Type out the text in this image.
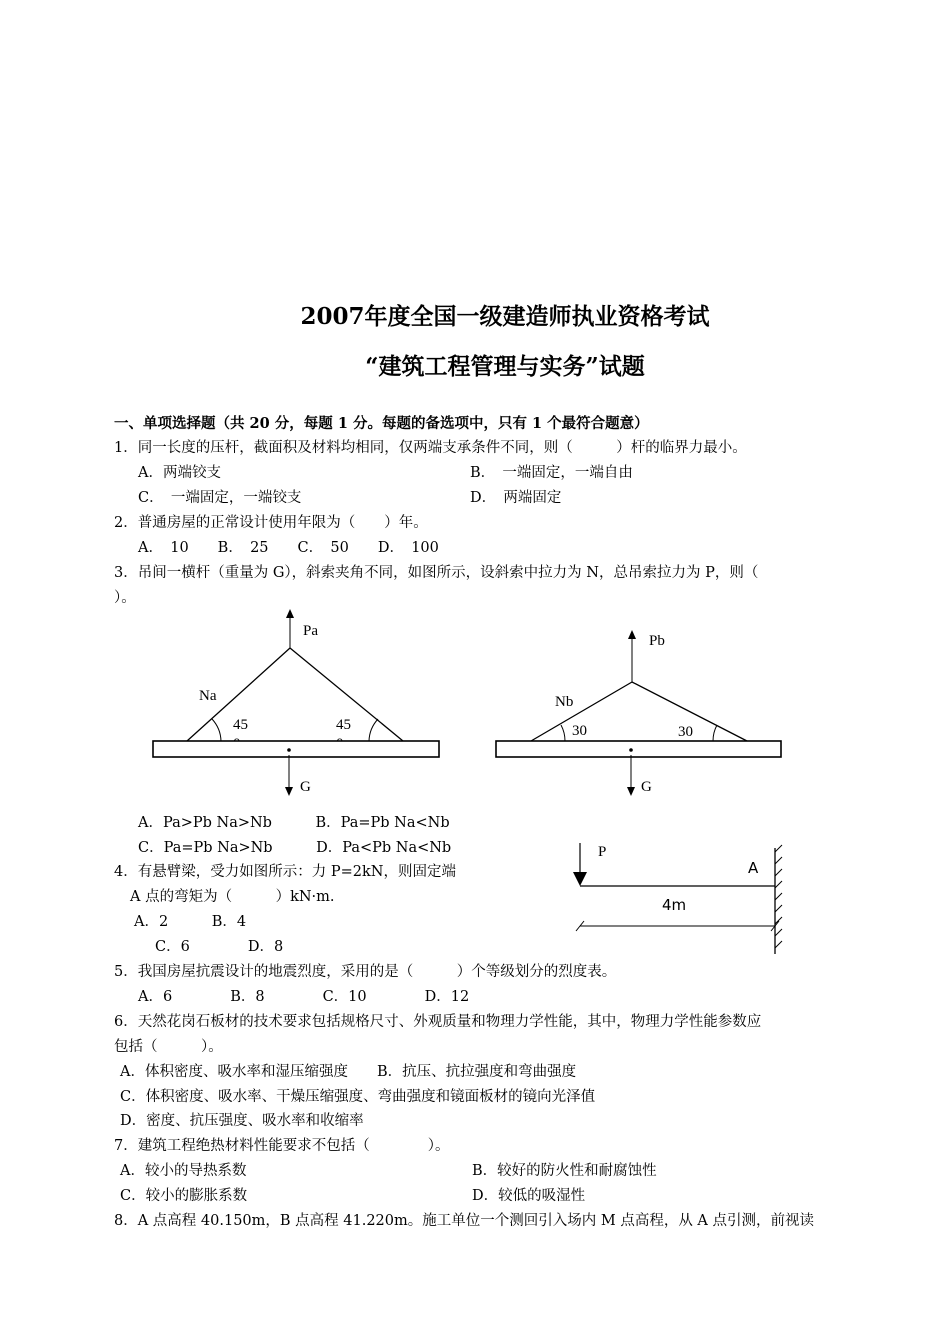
2007年度全国一级建造师执业资格考试
“建筑工程管理与实务”试题
一、单项选择题（共 20 分，每题 1 分。每题的备选项中，只有 1 个最符合题意）
1．同一长度的压杆，截面积及材料均相同，仅两端支承条件不同，则（　　　）杆的临界力最小。
A．两端铰支	B．　一端固定，一端自由
C．　一端固定，一端铰支	D．　两端固定
2．普通房屋的正常设计使用年限为（　　）年。
A．　10　　B．　25　　C．　50　　D．　100
3．吊间一横杆（重量为 G），斜索夹角不同，如图所示，设斜索中拉力为 N，总吊索拉力为 P，则（
）。
Pa
Na
45	45
G
Pb
Nb
30	30
G
A．Pa>Pb Na>Nb　　　B．Pa=Pb Na<Nb
C．Pa=Pb Na>Nb　　　D．Pa<Pb Na<Nb
4．有悬臂梁，受力如图所示：力 P=2kN，则固定端
A 点的弯矩为（　　　）kN·m.
A．2　　　B．4
C．6　　　　D．8
P
A
4m
5．我国房屋抗震设计的地震烈度，采用的是（　　　）个等级划分的烈度表。
A．6　　　　B．8　　　　C．10　　　　D．12
6．天然花岗石板材的技术要求包括规格尺寸、外观质量和物理力学性能，其中，物理力学性能参数应
包括（　　　）。
A．体积密度、吸水率和湿压缩强度　　B．抗压、抗拉强度和弯曲强度
C．体积密度、吸水率、干燥压缩强度、弯曲强度和镜面板材的镜向光泽值
D．密度、抗压强度、吸水率和收缩率
7．建筑工程绝热材料性能要求不包括（　　　　）。
A．较小的导热系数	B．较好的防火性和耐腐蚀性
C．较小的膨胀系数	D．较低的吸湿性
8．A 点高程 40.150m，B 点高程 41.220m。施工单位一个测回引入场内 M 点高程，从 A 点引测，前视读
